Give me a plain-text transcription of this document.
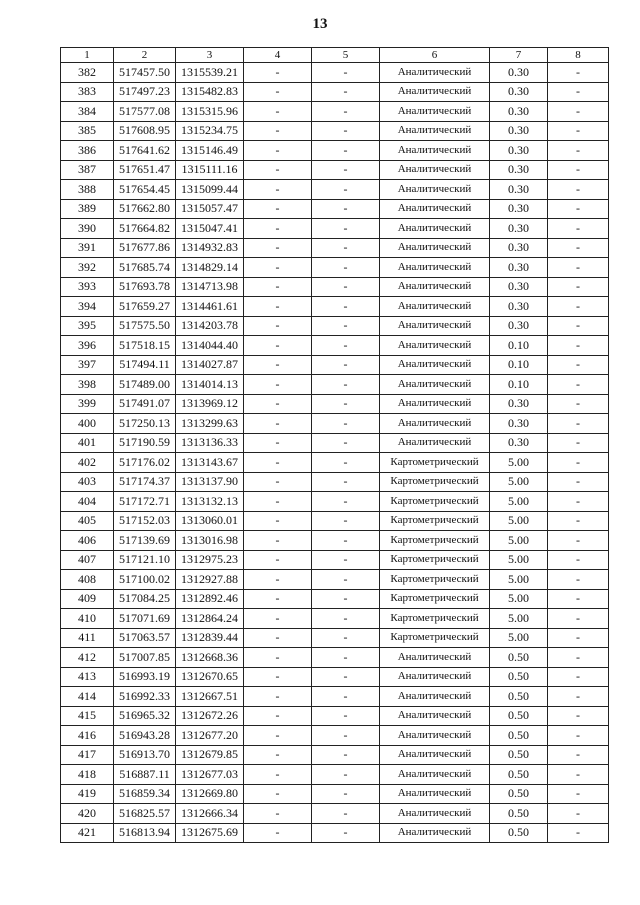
13
1	2	3	4	5	6	7	8
382	517457.50	1315539.21	-	-	Аналитический	0.30	-
383	517497.23	1315482.83	-	-	Аналитический	0.30	-
384	517577.08	1315315.96	-	-	Аналитический	0.30	-
385	517608.95	1315234.75	-	-	Аналитический	0.30	-
386	517641.62	1315146.49	-	-	Аналитический	0.30	-
387	517651.47	1315111.16	-	-	Аналитический	0.30	-
388	517654.45	1315099.44	-	-	Аналитический	0.30	-
389	517662.80	1315057.47	-	-	Аналитический	0.30	-
390	517664.82	1315047.41	-	-	Аналитический	0.30	-
391	517677.86	1314932.83	-	-	Аналитический	0.30	-
392	517685.74	1314829.14	-	-	Аналитический	0.30	-
393	517693.78	1314713.98	-	-	Аналитический	0.30	-
394	517659.27	1314461.61	-	-	Аналитический	0.30	-
395	517575.50	1314203.78	-	-	Аналитический	0.30	-
396	517518.15	1314044.40	-	-	Аналитический	0.10	-
397	517494.11	1314027.87	-	-	Аналитический	0.10	-
398	517489.00	1314014.13	-	-	Аналитический	0.10	-
399	517491.07	1313969.12	-	-	Аналитический	0.30	-
400	517250.13	1313299.63	-	-	Аналитический	0.30	-
401	517190.59	1313136.33	-	-	Аналитический	0.30	-
402	517176.02	1313143.67	-	-	Картометрический	5.00	-
403	517174.37	1313137.90	-	-	Картометрический	5.00	-
404	517172.71	1313132.13	-	-	Картометрический	5.00	-
405	517152.03	1313060.01	-	-	Картометрический	5.00	-
406	517139.69	1313016.98	-	-	Картометрический	5.00	-
407	517121.10	1312975.23	-	-	Картометрический	5.00	-
408	517100.02	1312927.88	-	-	Картометрический	5.00	-
409	517084.25	1312892.46	-	-	Картометрический	5.00	-
410	517071.69	1312864.24	-	-	Картометрический	5.00	-
411	517063.57	1312839.44	-	-	Картометрический	5.00	-
412	517007.85	1312668.36	-	-	Аналитический	0.50	-
413	516993.19	1312670.65	-	-	Аналитический	0.50	-
414	516992.33	1312667.51	-	-	Аналитический	0.50	-
415	516965.32	1312672.26	-	-	Аналитический	0.50	-
416	516943.28	1312677.20	-	-	Аналитический	0.50	-
417	516913.70	1312679.85	-	-	Аналитический	0.50	-
418	516887.11	1312677.03	-	-	Аналитический	0.50	-
419	516859.34	1312669.80	-	-	Аналитический	0.50	-
420	516825.57	1312666.34	-	-	Аналитический	0.50	-
421	516813.94	1312675.69	-	-	Аналитический	0.50	-
